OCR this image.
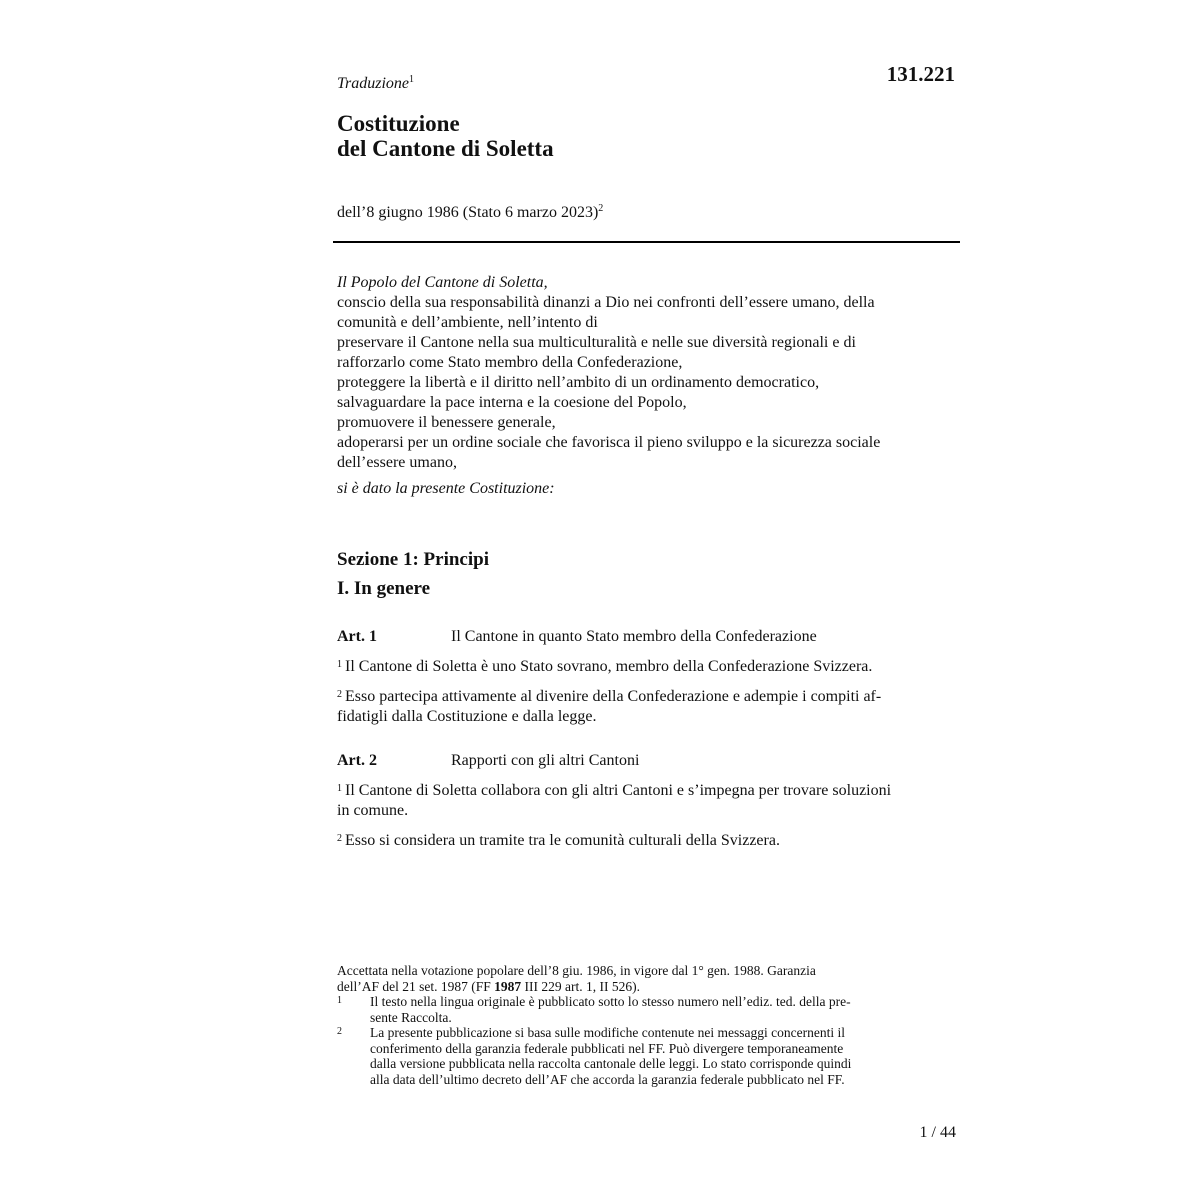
Traduzione$^1$	131.221
Costituzione
del Cantone di Soletta
dell’8 giugno 1986 (Stato 6 marzo 2023)$^2$

Il Popolo del Cantone di Soletta,

conscio della sua responsabilità dinanzi a Dio nei confronti dell’essere umano, della

comunità e dell’ambiente, nell’intento di

preservare il Cantone nella sua multiculturalità e nelle sue diversità regionali e di

rafforzarlo come Stato membro della Confederazione,

proteggere la libertà e il diritto nell’ambito di un ordinamento democratico,

salvaguardare la pace interna e la coesione del Popolo,

promuovere il benessere generale,

adoperarsi per un ordine sociale che favorisca il pieno sviluppo e la sicurezza sociale

dell’essere umano,

si è dato la presente Costituzione:

Sezione 1: Principi
I. In genere
Art. 1	Il Cantone in quanto Stato membro della Confederazione

$^1$ Il Cantone di Soletta è uno Stato sovrano, membro della Confederazione Svizzera.

$^2$ Esso partecipa attivamente al divenire della Confederazione e adempie i compiti af-

fidatigli dalla Costituzione e dalla legge.

Art. 2	Rapporti con gli altri Cantoni

$^1$ Il Cantone di Soletta collabora con gli altri Cantoni e s’impegna per trovare soluzioni

in comune.

$^2$ Esso si considera un tramite tra le comunità culturali della Svizzera.

Accettata nella votazione popolare dell’8 giu. 1986, in vigore dal 1° gen. 1988. Garanzia

dell’AF del 21 set. 1987 (FF 1987 III 229 art. 1, II 526).

1	Il testo nella lingua originale è pubblicato sotto lo stesso numero nell’ediz. ted. della pre-

sente Raccolta.

2	La presente pubblicazione si basa sulle modifiche contenute nei messaggi concernenti il

conferimento della garanzia federale pubblicati nel FF. Può divergere temporaneamente

dalla versione pubblicata nella raccolta cantonale delle leggi. Lo stato corrisponde quindi

alla data dell’ultimo decreto dell’AF che accorda la garanzia federale pubblicato nel FF.

1 / 44
